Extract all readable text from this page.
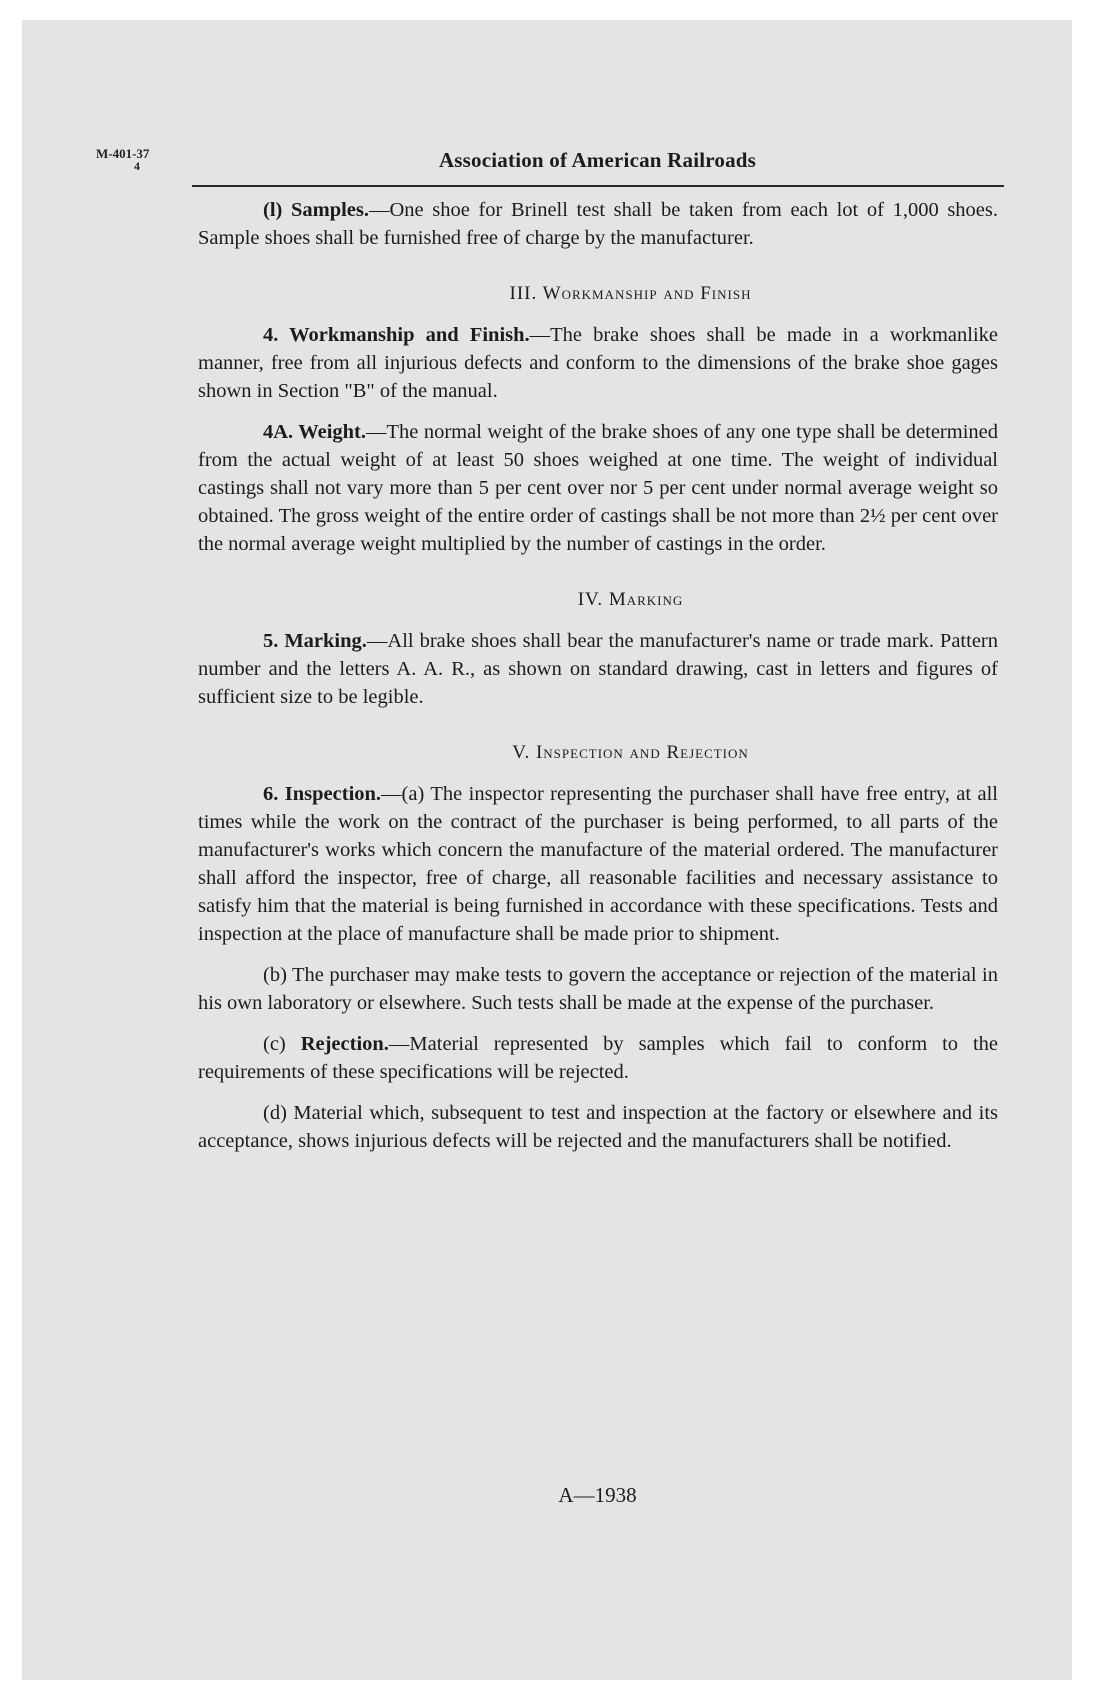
M-401-37
4	Association of American Railroads

(l) Samples.—One shoe for Brinell test shall be taken from each lot of 1,000 shoes. Sample shoes shall be furnished free of charge by the manufacturer.

III. Workmanship and Finish

4. Workmanship and Finish.—The brake shoes shall be made in a workmanlike manner, free from all injurious defects and conform to the dimensions of the brake shoe gages shown in Section "B" of the manual.

4A. Weight.—The normal weight of the brake shoes of any one type shall be determined from the actual weight of at least 50 shoes weighed at one time. The weight of individual castings shall not vary more than 5 per cent over nor 5 per cent under normal average weight so obtained. The gross weight of the entire order of castings shall be not more than 2½ per cent over the normal average weight multiplied by the number of castings in the order.

IV. Marking

5. Marking.—All brake shoes shall bear the manufacturer's name or trade mark. Pattern number and the letters A. A. R., as shown on standard drawing, cast in letters and figures of sufficient size to be legible.

V. Inspection and Rejection

6. Inspection.—(a) The inspector representing the purchaser shall have free entry, at all times while the work on the contract of the purchaser is being performed, to all parts of the manufacturer's works which concern the manufacture of the material ordered. The manufacturer shall afford the inspector, free of charge, all reasonable facilities and necessary assistance to satisfy him that the material is being furnished in accordance with these specifications. Tests and inspection at the place of manufacture shall be made prior to shipment.

(b) The purchaser may make tests to govern the acceptance or rejection of the material in his own laboratory or elsewhere. Such tests shall be made at the expense of the purchaser.

(c) Rejection.—Material represented by samples which fail to conform to the requirements of these specifications will be rejected.

(d) Material which, subsequent to test and inspection at the factory or elsewhere and its acceptance, shows injurious defects will be rejected and the manufacturers shall be notified.

A—1938
